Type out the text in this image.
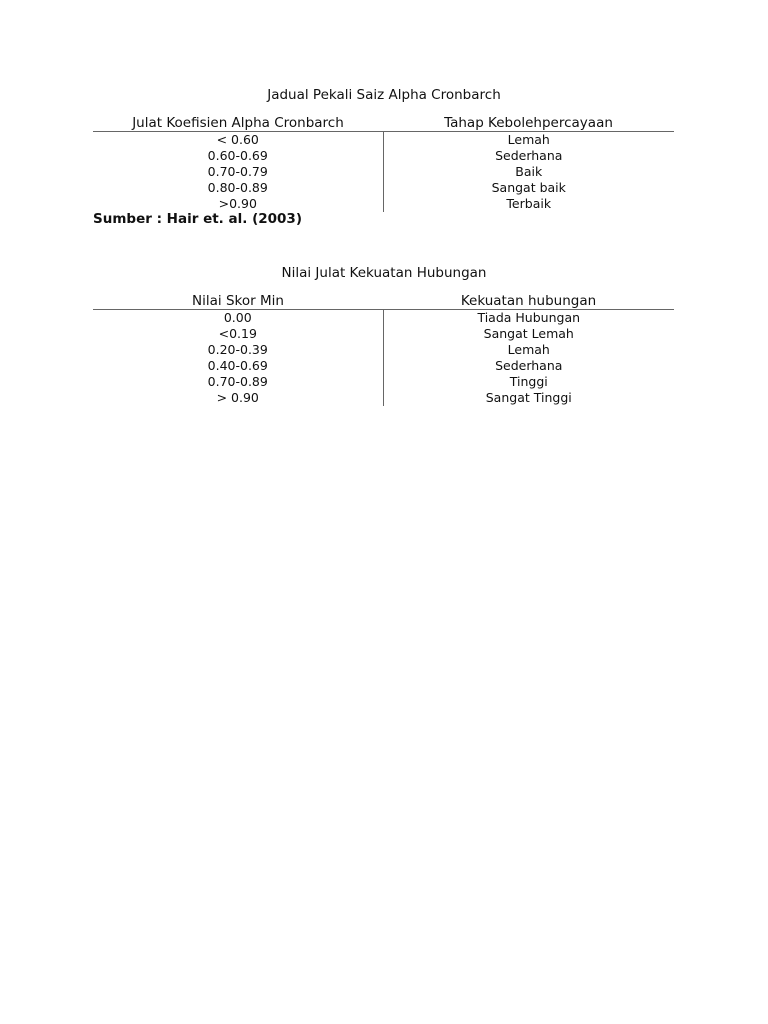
Jadual Pekali Saiz Alpha Cronbarch
Julat Koefisien Alpha Cronbarch	Tahap Kebolehpercayaan
< 0.60	Lemah
0.60-0.69	Sederhana
0.70-0.79	Baik
0.80-0.89	Sangat baik
>0.90	Terbaik
Sumber : Hair et. al. (2003)
Nilai Julat Kekuatan Hubungan
Nilai Skor Min	Kekuatan hubungan
0.00	Tiada Hubungan
<0.19	Sangat Lemah
0.20-0.39	Lemah
0.40-0.69	Sederhana
0.70-0.89	Tinggi
> 0.90	Sangat Tinggi
